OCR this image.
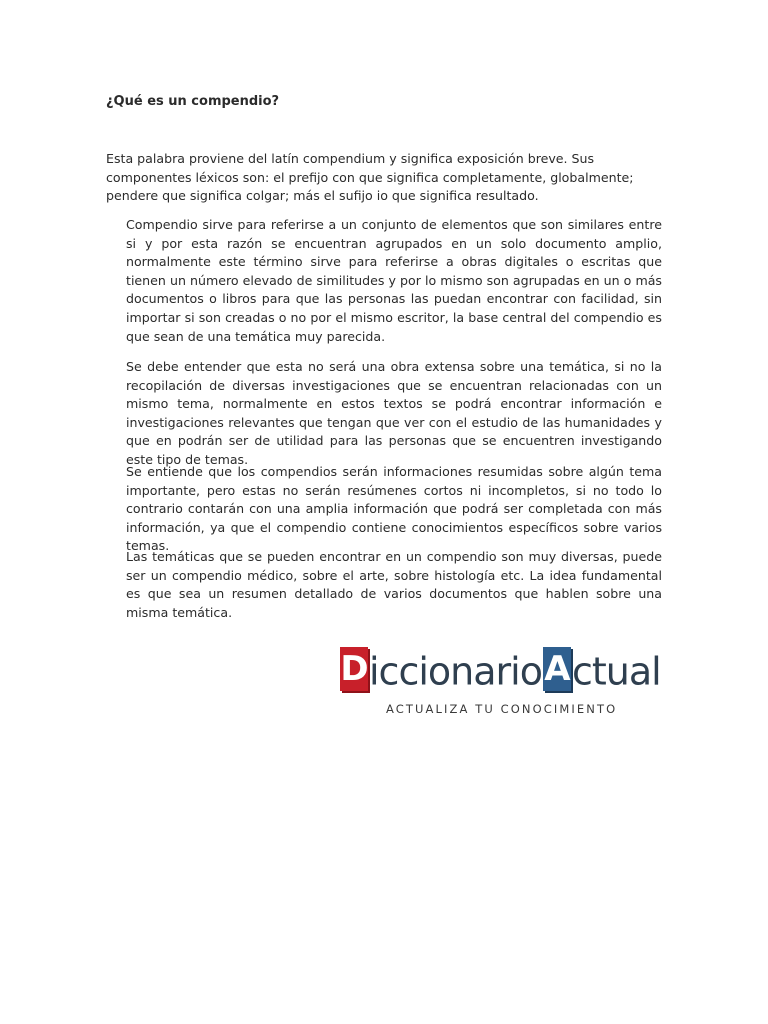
¿Qué es un compendio?

Esta palabra proviene del latín compendium y significa exposición breve. Sus componentes léxicos son: el prefijo con que significa completamente, globalmente; pendere que significa colgar; más el sufijo io que significa resultado.

Compendio sirve para referirse a un conjunto de elementos que son similares entre si y por esta razón se encuentran agrupados en un solo documento amplio, normalmente este término sirve para referirse a obras digitales o escritas que tienen un número elevado de similitudes y por lo mismo son agrupadas en un o más documentos o libros para que las personas las puedan encontrar con facilidad, sin importar si son creadas o no por el mismo escritor, la base central del compendio es que sean de una temática muy parecida.

Se debe entender que esta no será una obra extensa sobre una temática, si no la recopilación de diversas investigaciones que se encuentran relacionadas con un mismo tema, normalmente en estos textos se podrá encontrar información e investigaciones relevantes que tengan que ver con el estudio de las humanidades y que en podrán ser de utilidad para las personas que se encuentren investigando este tipo de temas.

Se entiende que los compendios serán informaciones resumidas sobre algún tema importante, pero estas no serán resúmenes cortos ni incompletos, si no todo lo contrario contarán con una amplia información que podrá ser completada con más información, ya que el compendio contiene conocimientos específicos sobre varios temas.

Las temáticas que se pueden encontrar en un compendio son muy diversas, puede ser un compendio médico, sobre el arte, sobre histología etc. La idea fundamental es que sea un resumen detallado de varios documentos que hablen sobre una misma temática.

DiccionarioActual
ACTUALIZA TU CONOCIMIENTO
